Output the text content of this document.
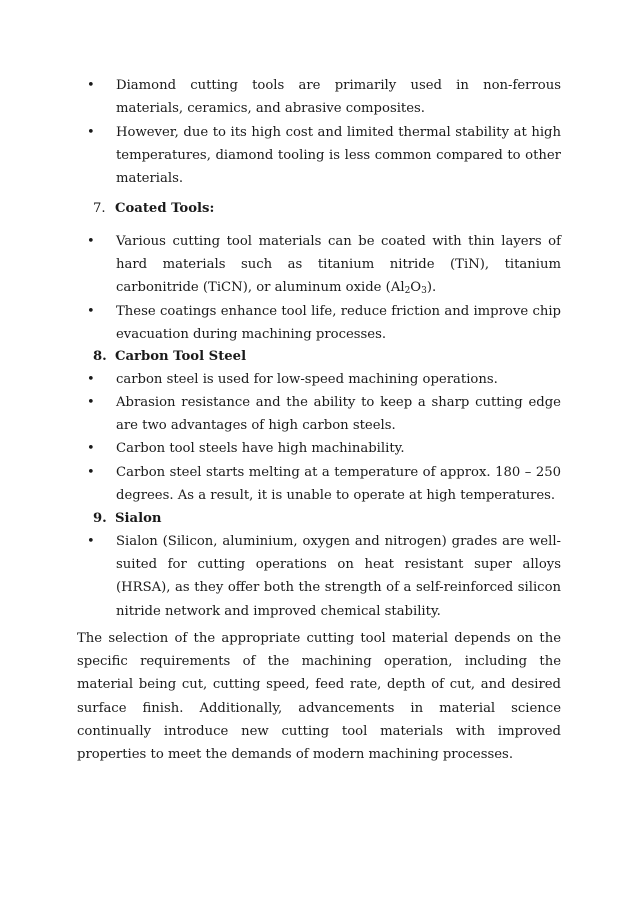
• Diamond cutting tools are primarily used in non-ferrous materials, ceramics, and abrasive composites.
• However, due to its high cost and limited thermal stability at high temperatures, diamond tooling is less common compared to other materials.
7. Coated Tools:
• Various cutting tool materials can be coated with thin layers of hard materials such as titanium nitride (TiN), titanium carbonitride (TiCN), or aluminum oxide $(Al_2O_3)$.
• These coatings enhance tool life, reduce friction and improve chip evacuation during machining processes.
8. Carbon Tool Steel
• carbon steel is used for low-speed machining operations.
• Abrasion resistance and the ability to keep a sharp cutting edge are two advantages of high carbon steels.
• Carbon tool steels have high machinability.
• Carbon steel starts melting at a temperature of approx. 180 – 250 degrees. As a result, it is unable to operate at high temperatures.
9. Sialon
• Sialon (Silicon, aluminium, oxygen and nitrogen) grades are well-suited for cutting operations on heat resistant super alloys (HRSA), as they offer both the strength of a self-reinforced silicon nitride network and improved chemical stability.
The selection of the appropriate cutting tool material depends on the specific requirements of the machining operation, including the material being cut, cutting speed, feed rate, depth of cut, and desired surface finish. Additionally, advancements in material science continually introduce new cutting tool materials with improved properties to meet the demands of modern machining processes.
